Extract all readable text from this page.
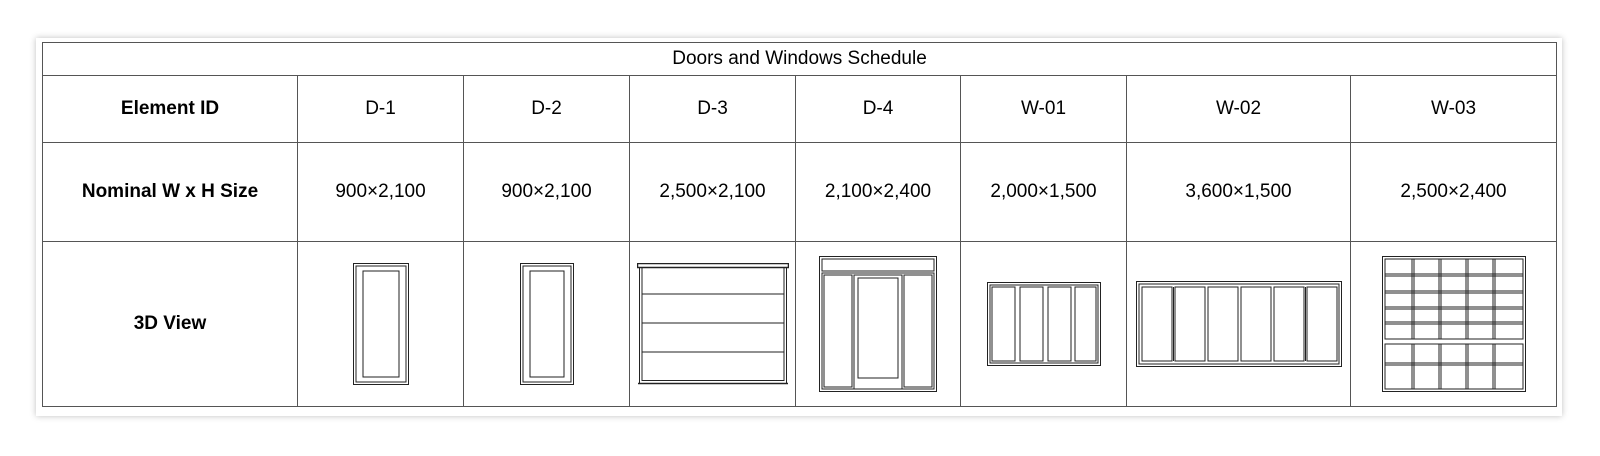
Doors and Windows Schedule							
Element ID	D-1	D-2	D-3	D-4	W-01	W-02	W-03
Nominal W x H Size	900×2,100	900×2,100	2,500×2,100	2,100×2,400	2,000×1,500	3,600×1,500	2,500×2,400
3D View	
